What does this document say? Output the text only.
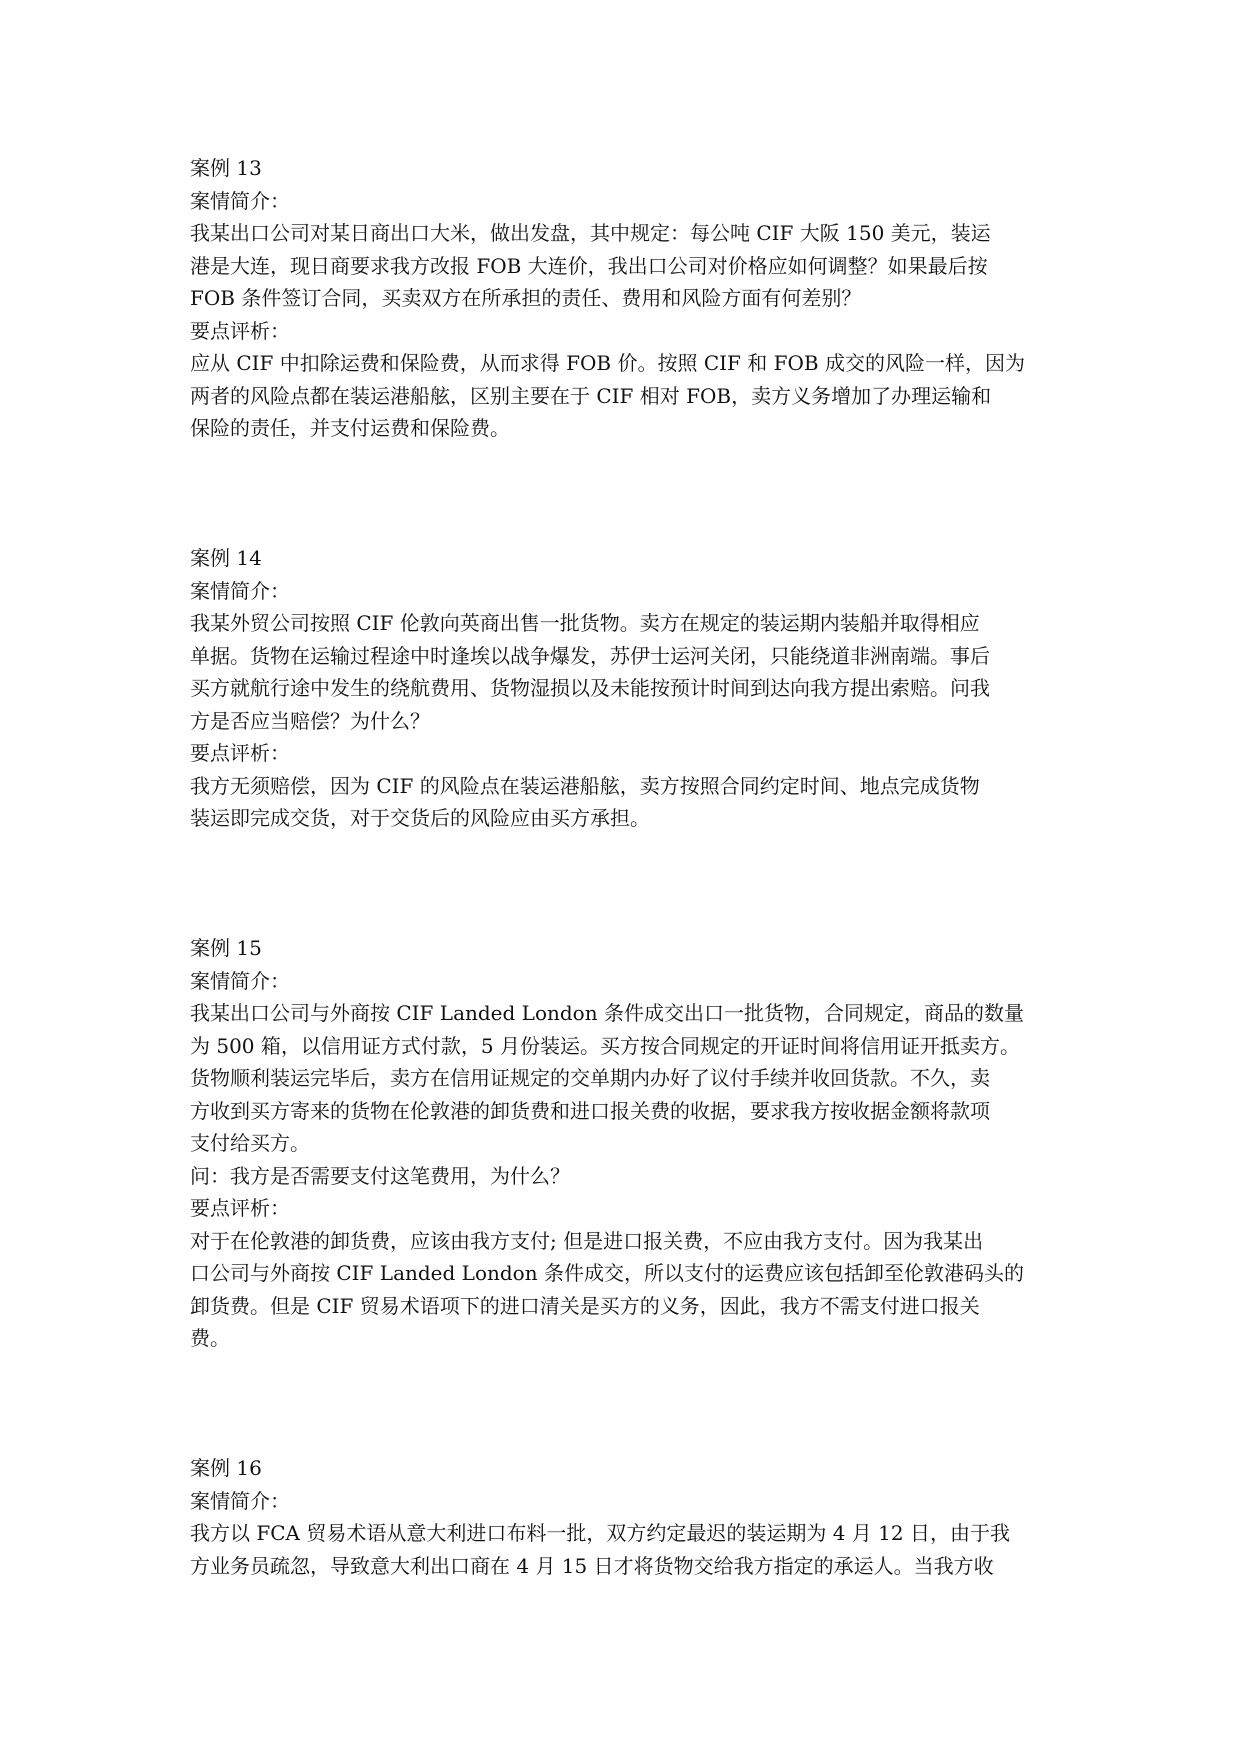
案例 13

案情简介：

我某出口公司对某日商出口大米，做出发盘，其中规定：每公吨 CIF 大阪 150 美元，装运

港是大连，现日商要求我方改报 FOB 大连价，我出口公司对价格应如何调整？如果最后按

FOB 条件签订合同，买卖双方在所承担的责任、费用和风险方面有何差别？

要点评析：

应从 CIF 中扣除运费和保险费，从而求得 FOB 价。按照 CIF 和 FOB 成交的风险一样，因为

两者的风险点都在装运港船舷，区别主要在于 CIF 相对 FOB，卖方义务增加了办理运输和

保险的责任，并支付运费和保险费。

案例 14

案情简介：

我某外贸公司按照 CIF 伦敦向英商出售一批货物。卖方在规定的装运期内装船并取得相应

单据。货物在运输过程途中时逢埃以战争爆发，苏伊士运河关闭，只能绕道非洲南端。事后

买方就航行途中发生的绕航费用、货物湿损以及未能按预计时间到达向我方提出索赔。问我

方是否应当赔偿？为什么？

要点评析：

我方无须赔偿，因为 CIF 的风险点在装运港船舷，卖方按照合同约定时间、地点完成货物

装运即完成交货，对于交货后的风险应由买方承担。

案例 15

案情简介：

我某出口公司与外商按 CIF Landed London 条件成交出口一批货物，合同规定，商品的数量

为 500 箱，以信用证方式付款，5 月份装运。买方按合同规定的开证时间将信用证开抵卖方。

货物顺利装运完毕后，卖方在信用证规定的交单期内办好了议付手续并收回货款。不久，卖

方收到买方寄来的货物在伦敦港的卸货费和进口报关费的收据，要求我方按收据金额将款项

支付给买方。

问：我方是否需要支付这笔费用，为什么？

要点评析：

对于在伦敦港的卸货费，应该由我方支付; 但是进口报关费，不应由我方支付。因为我某出

口公司与外商按 CIF Landed London 条件成交，所以支付的运费应该包括卸至伦敦港码头的

卸货费。但是 CIF 贸易术语项下的进口清关是买方的义务，因此，我方不需支付进口报关

费。

案例 16

案情简介：

我方以 FCA 贸易术语从意大利进口布料一批，双方约定最迟的装运期为 4 月 12 日，由于我

方业务员疏忽，导致意大利出口商在 4 月 15 日才将货物交给我方指定的承运人。当我方收
